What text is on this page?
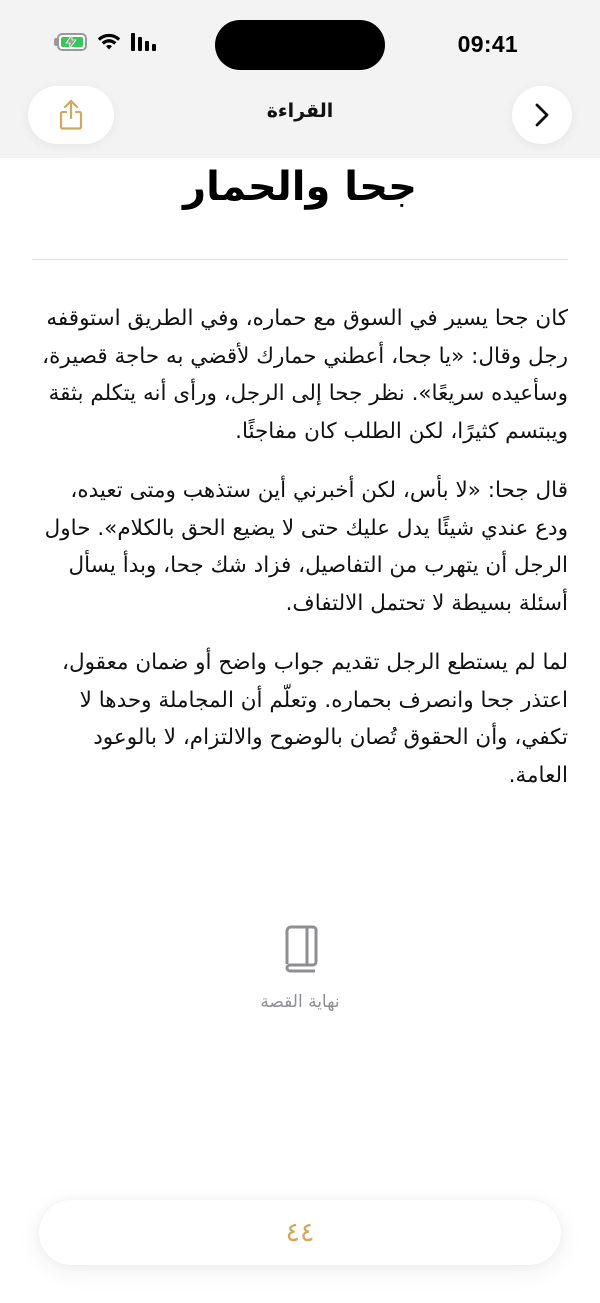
09:41
القراءة
جحا والحمار

كان جحا يسير في السوق مع حماره، وفي الطريق استوقفه رجل وقال: «يا جحا، أعطني حمارك لأقضي به حاجة قصيرة، وسأعيده سريعًا». نظر جحا إلى الرجل، ورأى أنه يتكلم بثقة ويبتسم كثيرًا، لكن الطلب كان مفاجئًا.

قال جحا: «لا بأس، لكن أخبرني أين ستذهب ومتى تعيده، ودع عندي شيئًا يدل عليك حتى لا يضيع الحق بالكلام». حاول الرجل أن يتهرب من التفاصيل، فزاد شك جحا، وبدأ يسأل أسئلة بسيطة لا تحتمل الالتفاف.

لما لم يستطع الرجل تقديم جواب واضح أو ضمان معقول، اعتذر جحا وانصرف بحماره. وتعلّم أن المجاملة وحدها لا تكفي، وأن الحقوق تُصان بالوضوح والالتزام، لا بالوعود العامة.

نهاية القصة
٤٤
